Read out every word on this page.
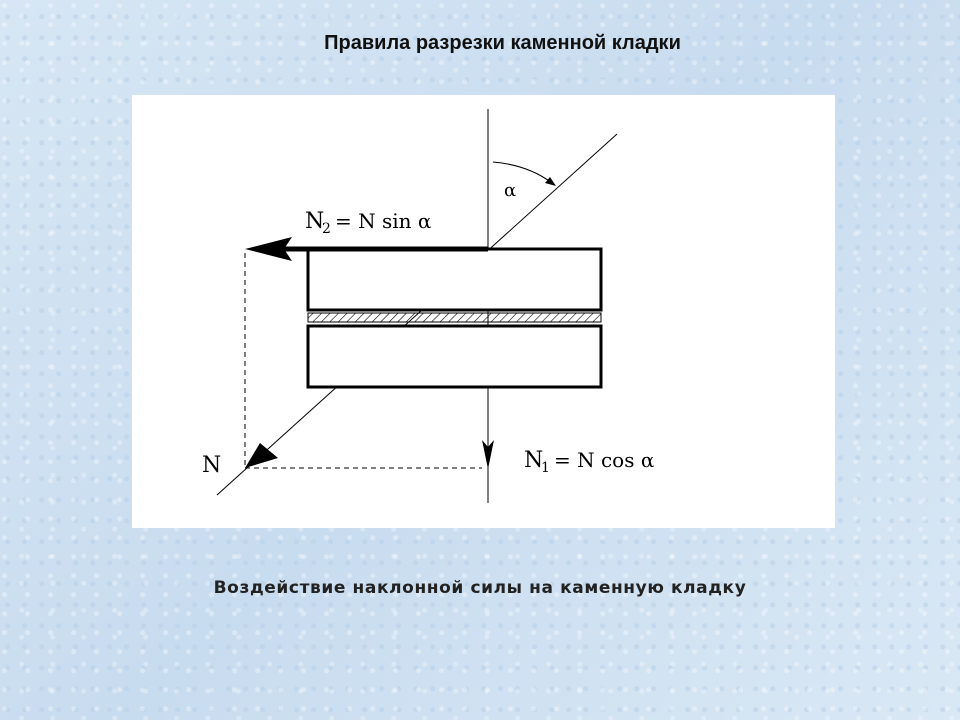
Правила разрезки каменной кладки
N
2 = N sin α
N
1 = N cos α
N
α
Воздействие наклонной силы на каменную кладку
